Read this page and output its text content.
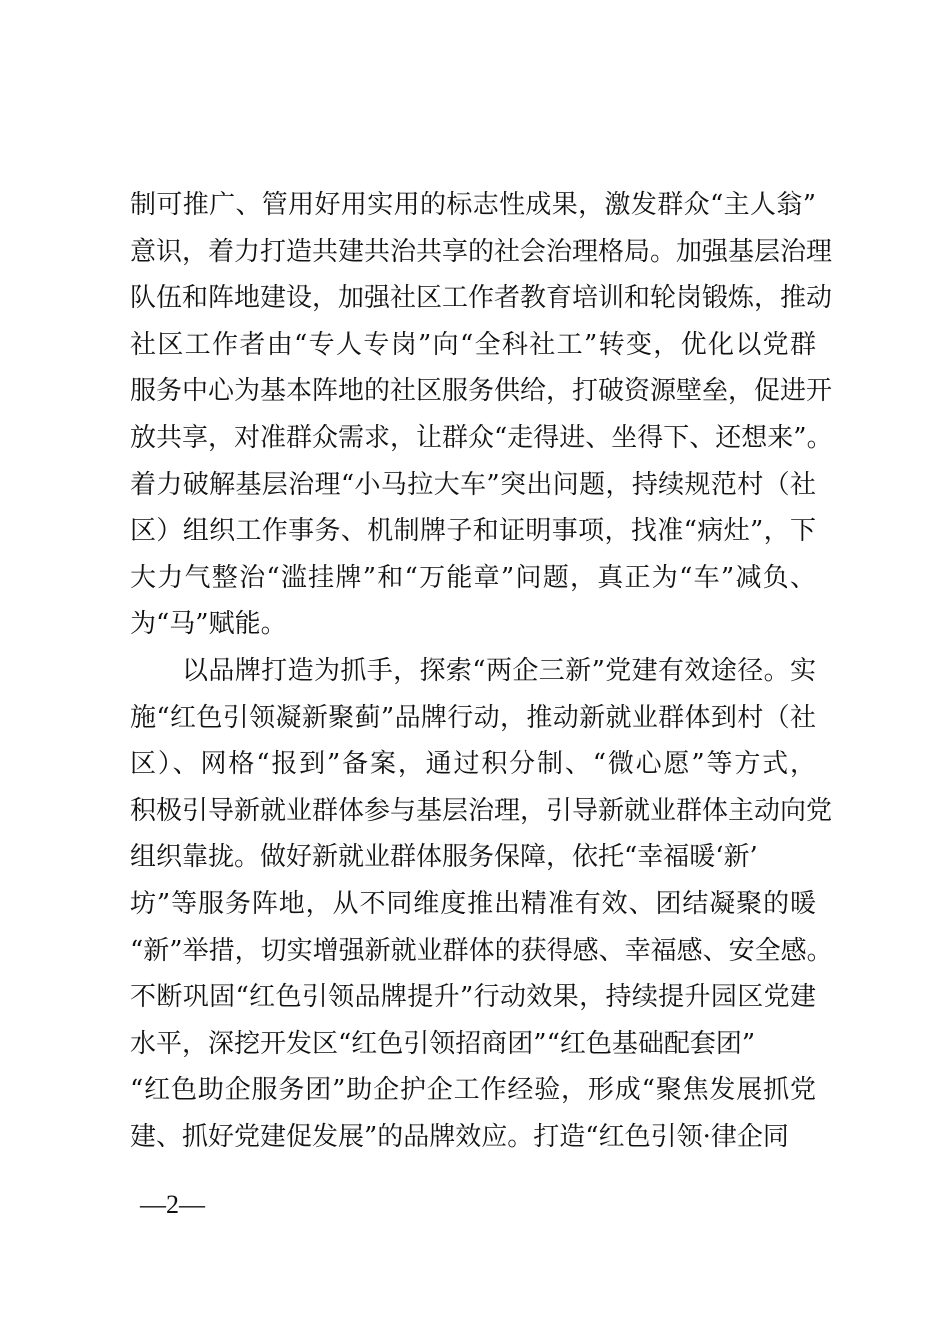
制可推广、管用好用实用的标志性成果，激发群众“主人翁”
意识，着力打造共建共治共享的社会治理格局。加强基层治理
队伍和阵地建设，加强社区工作者教育培训和轮岗锻炼，推动
社区工作者由“专人专岗”向“全科社工”转变，优化以党群
服务中心为基本阵地的社区服务供给，打破资源壁垒，促进开
放共享，对准群众需求，让群众“走得进、坐得下、还想来”。
着力破解基层治理“小马拉大车”突出问题，持续规范村（社
区）组织工作事务、机制牌子和证明事项，找准“病灶”，下
大力气整治“滥挂牌”和“万能章”问题，真正为“车”减负、
为“马”赋能。
以品牌打造为抓手，探索“两企三新”党建有效途径。实
施“红色引领凝新聚蓟”品牌行动，推动新就业群体到村（社
区）、网格“报到”备案，通过积分制、“微心愿”等方式，
积极引导新就业群体参与基层治理，引导新就业群体主动向党
组织靠拢。做好新就业群体服务保障，依托“幸福暖‘新’
坊”等服务阵地，从不同维度推出精准有效、团结凝聚的暖
“新”举措，切实增强新就业群体的获得感、幸福感、安全感。
不断巩固“红色引领品牌提升”行动效果，持续提升园区党建
水平，深挖开发区“红色引领招商团”“红色基础配套团”
“红色助企服务团”助企护企工作经验，形成“聚焦发展抓党
建、抓好党建促发展”的品牌效应。打造“红色引领·律企同
—2—
